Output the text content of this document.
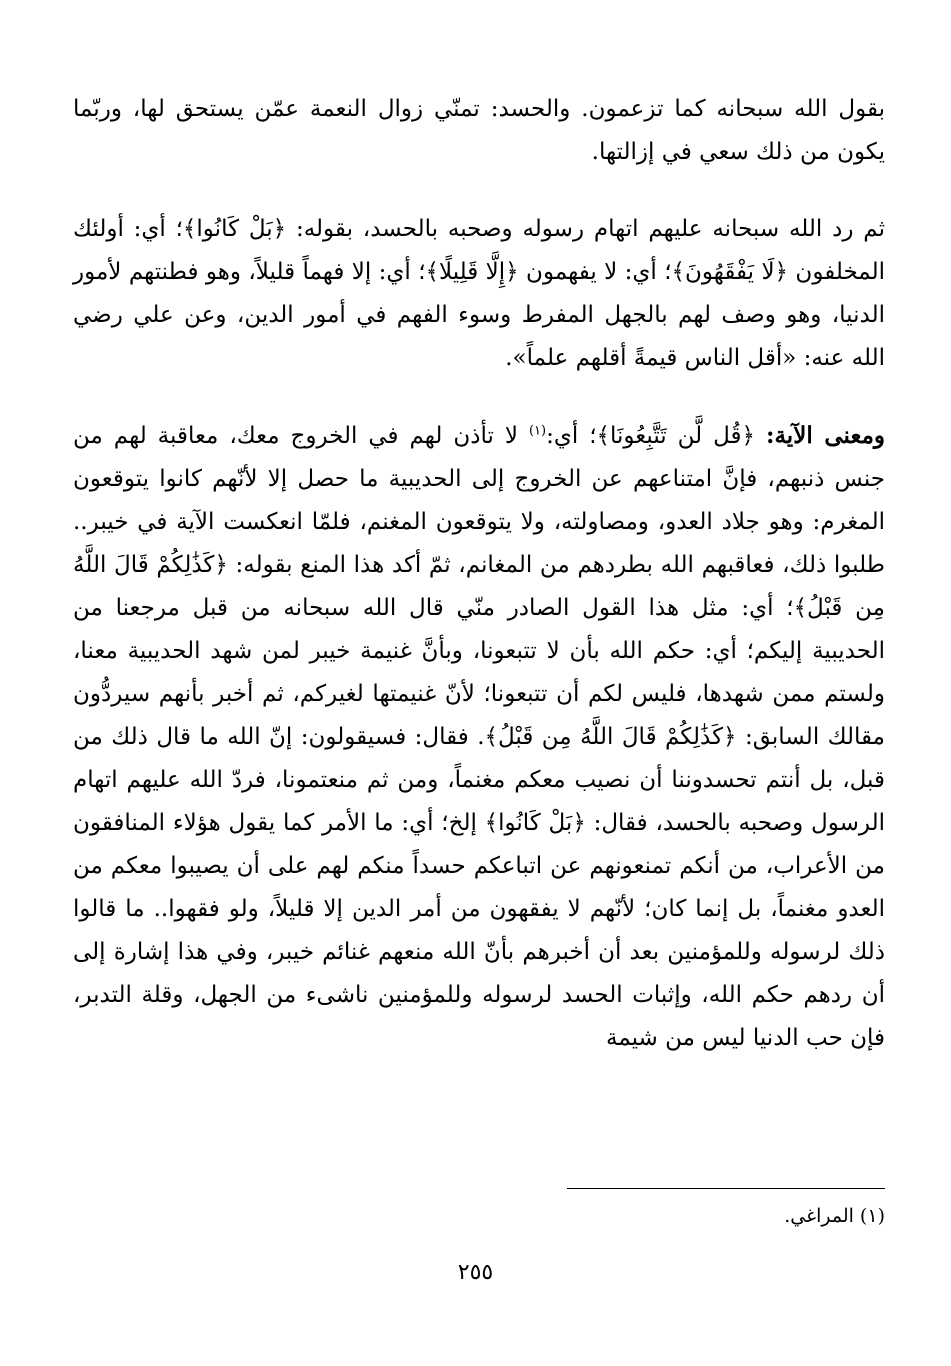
بقول الله سبحانه كما تزعمون. والحسد: تمنّي زوال النعمة عمّن يستحق لها، وربّما يكون من ذلك سعي في إزالتها.

ثم رد الله سبحانه عليهم اتهام رسوله وصحبه بالحسد، بقوله: ﴿بَلْ كَانُوا﴾؛ أي: أولئك المخلفون ﴿لَا يَفْقَهُونَ﴾؛ أي: لا يفهمون ﴿إِلَّا قَلِيلًا﴾؛ أي: إلا فهماً قليلاً، وهو فطنتهم لأمور الدنيا، وهو وصف لهم بالجهل المفرط وسوء الفهم في أمور الدين، وعن علي رضي الله عنه: «أقل الناس قيمةً أقلهم علماً».

ومعنى الآية: ﴿قُل لَّن تَتَّبِعُونَا﴾؛ أي:$^{(١)}$ لا تأذن لهم في الخروج معك، معاقبة لهم من جنس ذنبهم، فإنَّ امتناعهم عن الخروج إلى الحديبية ما حصل إلا لأنّهم كانوا يتوقعون المغرم: وهو جلاد العدو، ومصاولته، ولا يتوقعون المغنم، فلمّا انعكست الآية في خيبر.. طلبوا ذلك، فعاقبهم الله بطردهم من المغانم، ثمّ أكد هذا المنع بقوله: ﴿كَذَٰلِكُمْ قَالَ اللَّهُ مِن قَبْلُ﴾؛ أي: مثل هذا القول الصادر منّي قال الله سبحانه من قبل مرجعنا من الحديبية إليكم؛ أي: حكم الله بأن لا تتبعونا، وبأنَّ غنيمة خيبر لمن شهد الحديبية معنا، ولستم ممن شهدها، فليس لكم أن تتبعونا؛ لأنّ غنيمتها لغيركم، ثم أخبر بأنهم سيردُّون مقالك السابق: ﴿كَذَٰلِكُمْ قَالَ اللَّهُ مِن قَبْلُ﴾. فقال: فسيقولون: إنّ الله ما قال ذلك من قبل، بل أنتم تحسدوننا أن نصيب معكم مغنماً، ومن ثم منعتمونا، فردّ الله عليهم اتهام الرسول وصحبه بالحسد، فقال: ﴿بَلْ كَانُوا﴾ إلخ؛ أي: ما الأمر كما يقول هؤلاء المنافقون من الأعراب، من أنكم تمنعونهم عن اتباعكم حسداً منكم لهم على أن يصيبوا معكم من العدو مغنماً، بل إنما كان؛ لأنّهم لا يفقهون من أمر الدين إلا قليلاً، ولو فقهوا.. ما قالوا ذلك لرسوله وللمؤمنين بعد أن أخبرهم بأنّ الله منعهم غنائم خيبر، وفي هذا إشارة إلى أن ردهم حكم الله، وإثبات الحسد لرسوله وللمؤمنين ناشىء من الجهل، وقلة التدبر، فإن حب الدنيا ليس من شيمة

(١) المراغي.
٢٥٥
